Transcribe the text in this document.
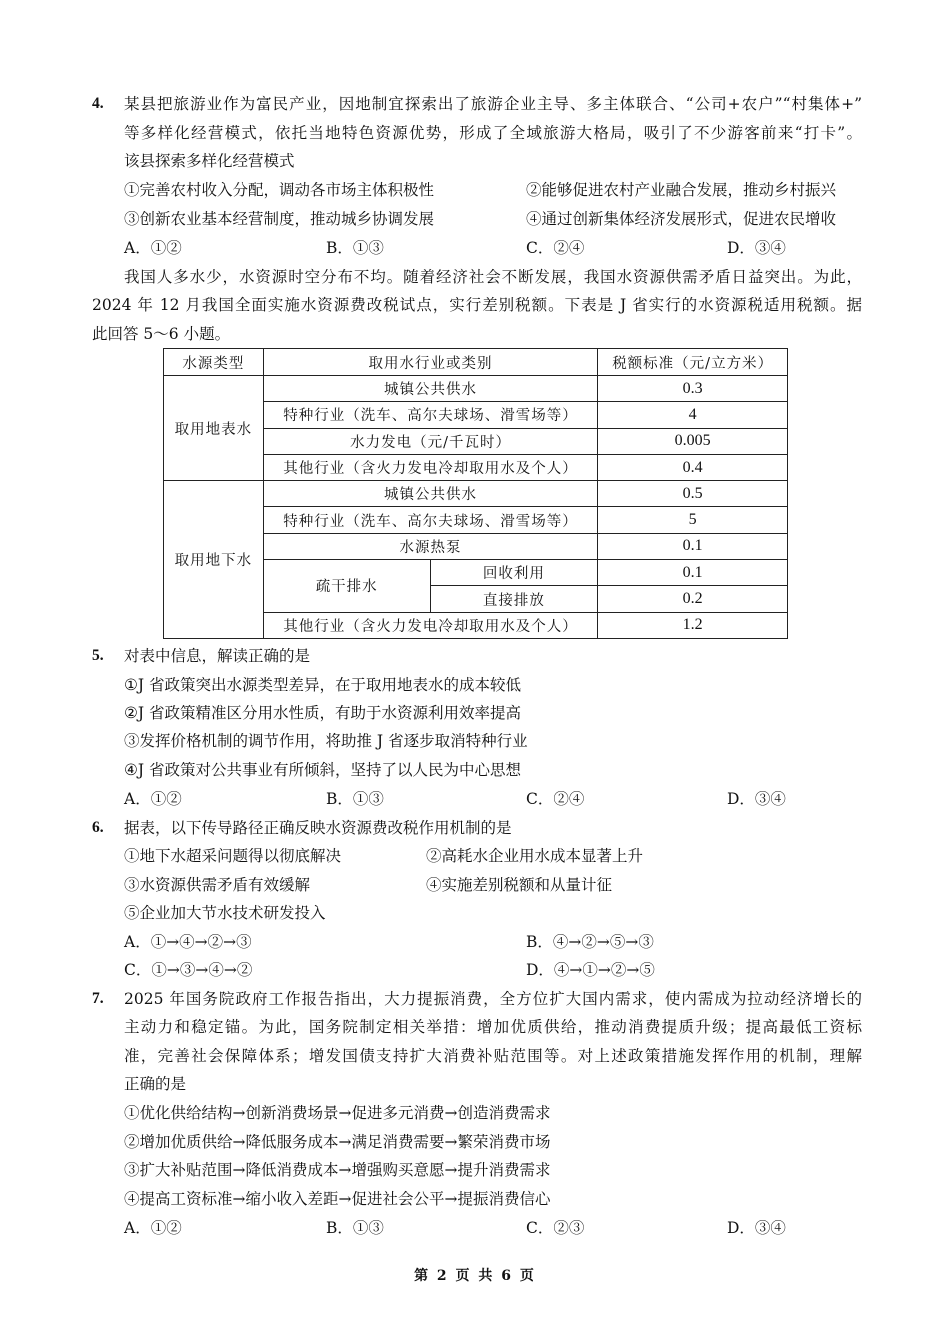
4. 某县把旅游业作为富民产业，因地制宜探索出了旅游企业主导、多主体联合、“公司+农户”“村集体+”
等多样化经营模式，依托当地特色资源优势，形成了全域旅游大格局，吸引了不少游客前来“打卡”。
该县探索多样化经营模式
①完善农村收入分配，调动各市场主体积极性	②能够促进农村产业融合发展，推动乡村振兴
③创新农业基本经营制度，推动城乡协调发展	④通过创新集体经济发展形式，促进农民增收
A．①②	B．①③	C．②④	D．③④
我国人多水少，水资源时空分布不均。随着经济社会不断发展，我国水资源供需矛盾日益突出。为此，
2024 年 12 月我国全面实施水资源费改税试点，实行差别税额。下表是 J 省实行的水资源税适用税额。据
此回答 5～6 小题。
水源类型	取用水行业或类别		税额标准（元/立方米）
取用地表水	城镇公共供水		0.3
	特种行业（洗车、高尔夫球场、滑雪场等）		4
	水力发电（元/千瓦时）		0.005
	其他行业（含火力发电冷却取用水及个人）		0.4
取用地下水	城镇公共供水		0.5
	特种行业（洗车、高尔夫球场、滑雪场等）		5
	水源热泵		0.1
	疏干排水	回收利用	0.1
		直接排放	0.2
	其他行业（含火力发电冷却取用水及个人）		1.2
5. 对表中信息，解读正确的是
①J 省政策突出水源类型差异，在于取用地表水的成本较低
②J 省政策精准区分用水性质，有助于水资源利用效率提高
③发挥价格机制的调节作用，将助推 J 省逐步取消特种行业
④J 省政策对公共事业有所倾斜，坚持了以人民为中心思想
A．①②	B．①③	C．②④	D．③④
6. 据表，以下传导路径正确反映水资源费改税作用机制的是
①地下水超采问题得以彻底解决	②高耗水企业用水成本显著上升
③水资源供需矛盾有效缓解	④实施差别税额和从量计征
⑤企业加大节水技术研发投入
A．①→④→②→③	B．④→②→⑤→③
C．①→③→④→②	D．④→①→②→⑤
7. 2025 年国务院政府工作报告指出，大力提振消费，全方位扩大国内需求，使内需成为拉动经济增长的
主动力和稳定锚。为此，国务院制定相关举措：增加优质供给，推动消费提质升级；提高最低工资标
准，完善社会保障体系；增发国债支持扩大消费补贴范围等。对上述政策措施发挥作用的机制，理解
正确的是
①优化供给结构→创新消费场景→促进多元消费→创造消费需求
②增加优质供给→降低服务成本→满足消费需要→繁荣消费市场
③扩大补贴范围→降低消费成本→增强购买意愿→提升消费需求
④提高工资标准→缩小收入差距→促进社会公平→提振消费信心
A．①②	B．①③	C．②③	D．③④
第 2 页 共 6 页
